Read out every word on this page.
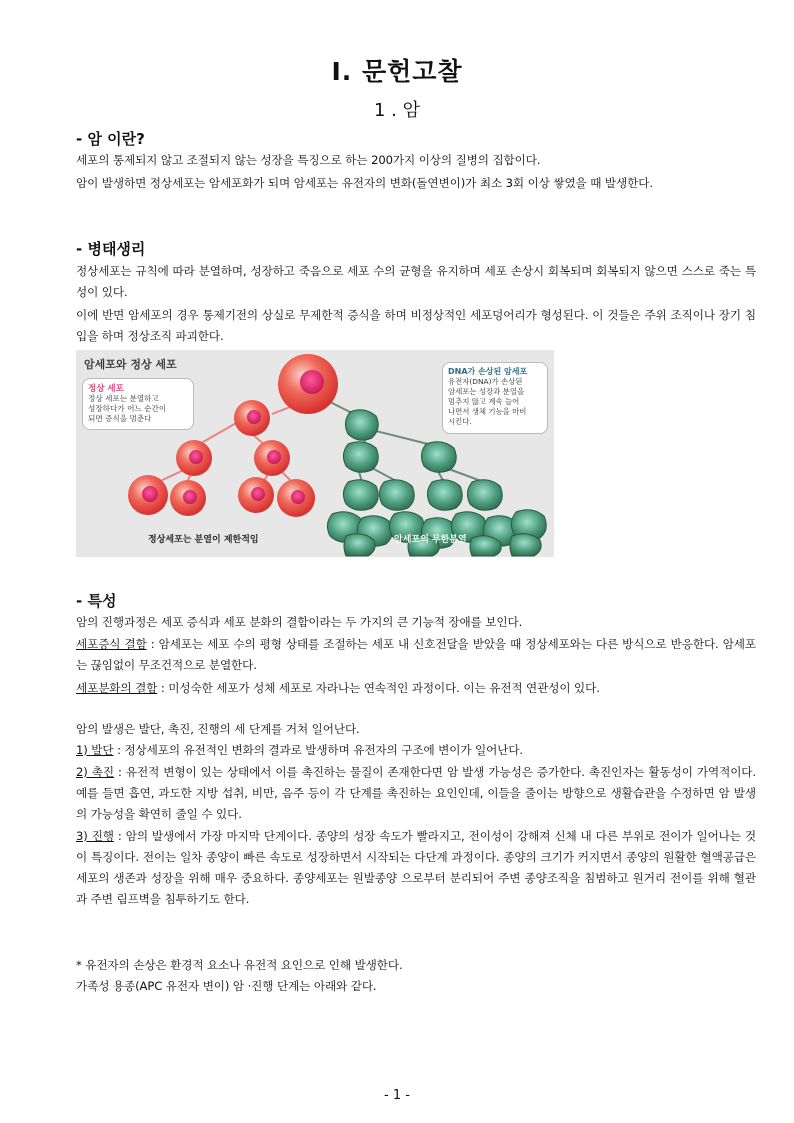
Ⅰ. 문헌고찰
1 . 암
- 암 이란?
세포의 통제되지 않고 조절되지 않는 성장을 특징으로 하는 200가지 이상의 질병의 집합이다.
암이 발생하면 정상세포는 암세포화가 되며 암세포는 유전자의 변화(돌연변이)가 최소 3회 이상 쌓였을 때 발생한다.
- 병태생리
정상세포는 규칙에 따라 분열하며, 성장하고 죽음으로 세포 수의 균형을 유지하며 세포 손상시 회복되며 회복되지 않으면 스스로 죽는 특성이 있다.
이에 반면 암세포의 경우 통제기전의 상실로 무제한적 증식을 하며 비정상적인 세포덩어리가 형성된다. 이 것들은 주위 조직이나 장기 침입을 하며 정상조직 파괴한다.
암세포와 정상 세포
정상 세포
정상 세포는 분열하고
성장하다가 어느 순간이
되면 증식을 멈춘다
DNA가 손상된 암세포
유전자(DNA)가 손상된
암세포는 성장과 분열을
멈추지 않고 계속 늘어
나면서 생체 기능을 마비
시킨다.
정상세포는 분열이 제한적임	암세포의 무한분열
- 특성
암의 진행과정은 세포 증식과 세포 분화의 결함이라는 두 가지의 큰 기능적 장애를 보인다.
세포증식 결함 : 암세포는 세포 수의 평형 상태를 조절하는 세포 내 신호전달을 받았을 때 정상세포와는 다른 방식으로 반응한다. 암세포는 끊임없이 무조건적으로 분열한다.
세포분화의 결함 : 미성숙한 세포가 성체 세포로 자라나는 연속적인 과정이다. 이는 유전적 연관성이 있다.
암의 발생은 발단, 촉진, 진행의 세 단계를 거쳐 일어난다.
1) 발단 : 정상세포의 유전적인 변화의 결과로 발생하며 유전자의 구조에 변이가 일어난다.
2) 촉진 : 유전적 변형이 있는 상태에서 이를 촉진하는 물질이 존재한다면 암 발생 가능성은 증가한다. 촉진인자는 활동성이 가역적이다. 예를 들면 흡연, 과도한 지방 섭취, 비만, 음주 등이 각 단계를 촉진하는 요인인데, 이들을 줄이는 방향으로 생활습관을 수정하면 암 발생의 가능성을 확연히 줄일 수 있다.
3) 진행 : 암의 발생에서 가장 마지막 단계이다. 종양의 성장 속도가 빨라지고, 전이성이 강해져 신체 내 다른 부위로 전이가 일어나는 것이 특징이다. 전이는 일차 종양이 빠른 속도로 성장하면서 시작되는 다단계 과정이다. 종양의 크기가 커지면서 종양의 원활한 혈액공급은 세포의 생존과 성장을 위해 매우 중요하다. 종양세포는 원발종양 으로부터 분리되어 주변 종양조직을 침범하고 원거리 전이를 위해 혈관과 주변 림프벽을 침투하기도 한다.
* 유전자의 손상은 환경적 요소나 유전적 요인으로 인해 발생한다.
가족성 용종(APC 유전자 변이) 암 ·진행 단계는 아래와 같다.
- 1 -
